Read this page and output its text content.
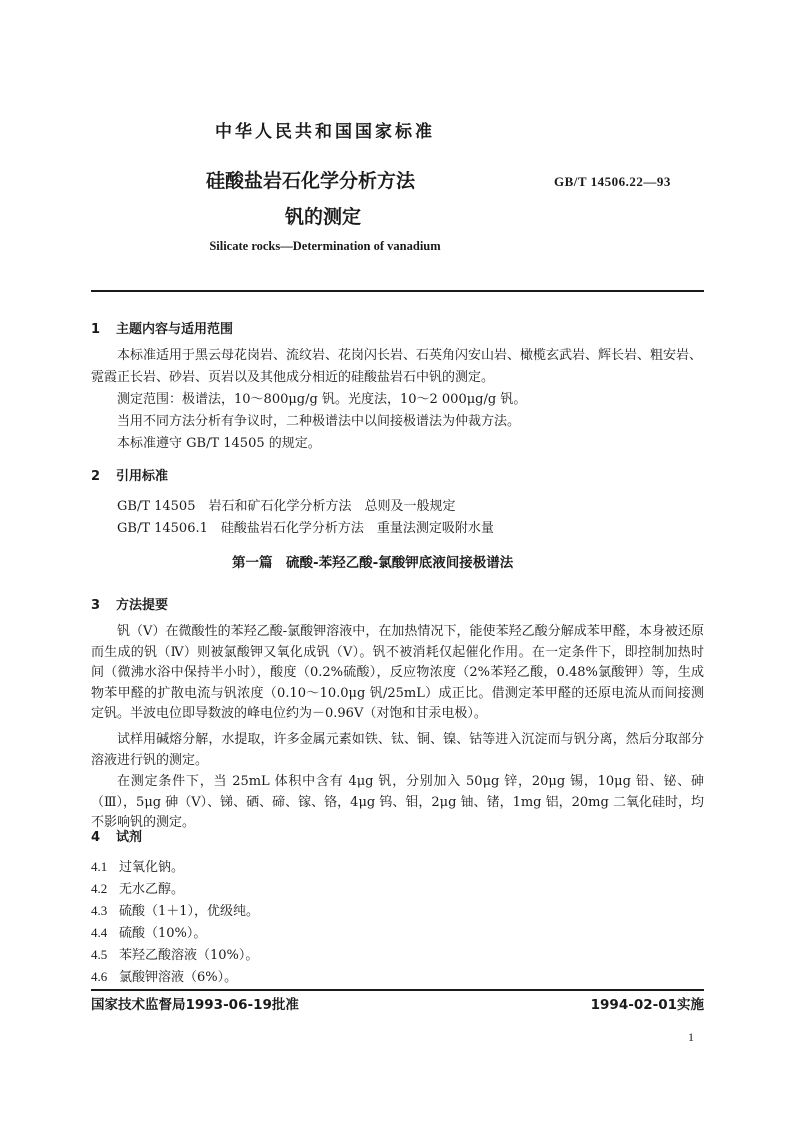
中华人民共和国国家标准
硅酸盐岩石化学分析方法
钒的测定
GB/T 14506.22—93
Silicate rocks—Determination of vanadium
1 主题内容与适用范围
本标准适用于黑云母花岗岩、流纹岩、花岗闪长岩、石英角闪安山岩、橄榄玄武岩、辉长岩、粗安岩、
霓霞正长岩、砂岩、页岩以及其他成分相近的硅酸盐岩石中钒的测定。
测定范围：极谱法，10～800μg/g 钒。光度法，10～2 000μg/g 钒。
当用不同方法分析有争议时，二种极谱法中以间接极谱法为仲裁方法。
本标准遵守 GB/T 14505 的规定。
2 引用标准
GB/T 14505　岩石和矿石化学分析方法　总则及一般规定
GB/T 14506.1　硅酸盐岩石化学分析方法　重量法测定吸附水量
第一篇　硫酸-苯羟乙酸-氯酸钾底液间接极谱法
3 方法提要
钒（Ⅴ）在微酸性的苯羟乙酸-氯酸钾溶液中，在加热情况下，能使苯羟乙酸分解成苯甲醛，本身被还原而生成的钒（Ⅳ）则被氯酸钾又氧化成钒（Ⅴ）。钒不被消耗仅起催化作用。在一定条件下，即控制加热时间（微沸水浴中保持半小时），酸度（0.2%硫酸），反应物浓度（2%苯羟乙酸，0.48%氯酸钾）等，生成物苯甲醛的扩散电流与钒浓度（0.10～10.0μg 钒/25mL）成正比。借测定苯甲醛的还原电流从而间接测定钒。半波电位即导数波的峰电位约为－0.96V（对饱和甘汞电极）。
试样用碱熔分解，水提取，许多金属元素如铁、钛、铜、镍、钴等进入沉淀而与钒分离，然后分取部分溶液进行钒的测定。
在测定条件下，当 25mL 体积中含有 4μg 钒，分别加入 50μg 锌，20μg 锡，10μg 铅、铋、砷（Ⅲ），5μg 砷（Ⅴ）、锑、硒、碲、镓、铬，4μg 钨、钼，2μg 铀、锗，1mg 铝，20mg 二氧化硅时，均不影响钒的测定。
4 试剂
4.1 过氧化钠。
4.2 无水乙醇。
4.3 硫酸（1＋1），优级纯。
4.4 硫酸（10%）。
4.5 苯羟乙酸溶液（10%）。
4.6 氯酸钾溶液（6%）。
国家技术监督局1993-06-19批准	1994-02-01实施
1
